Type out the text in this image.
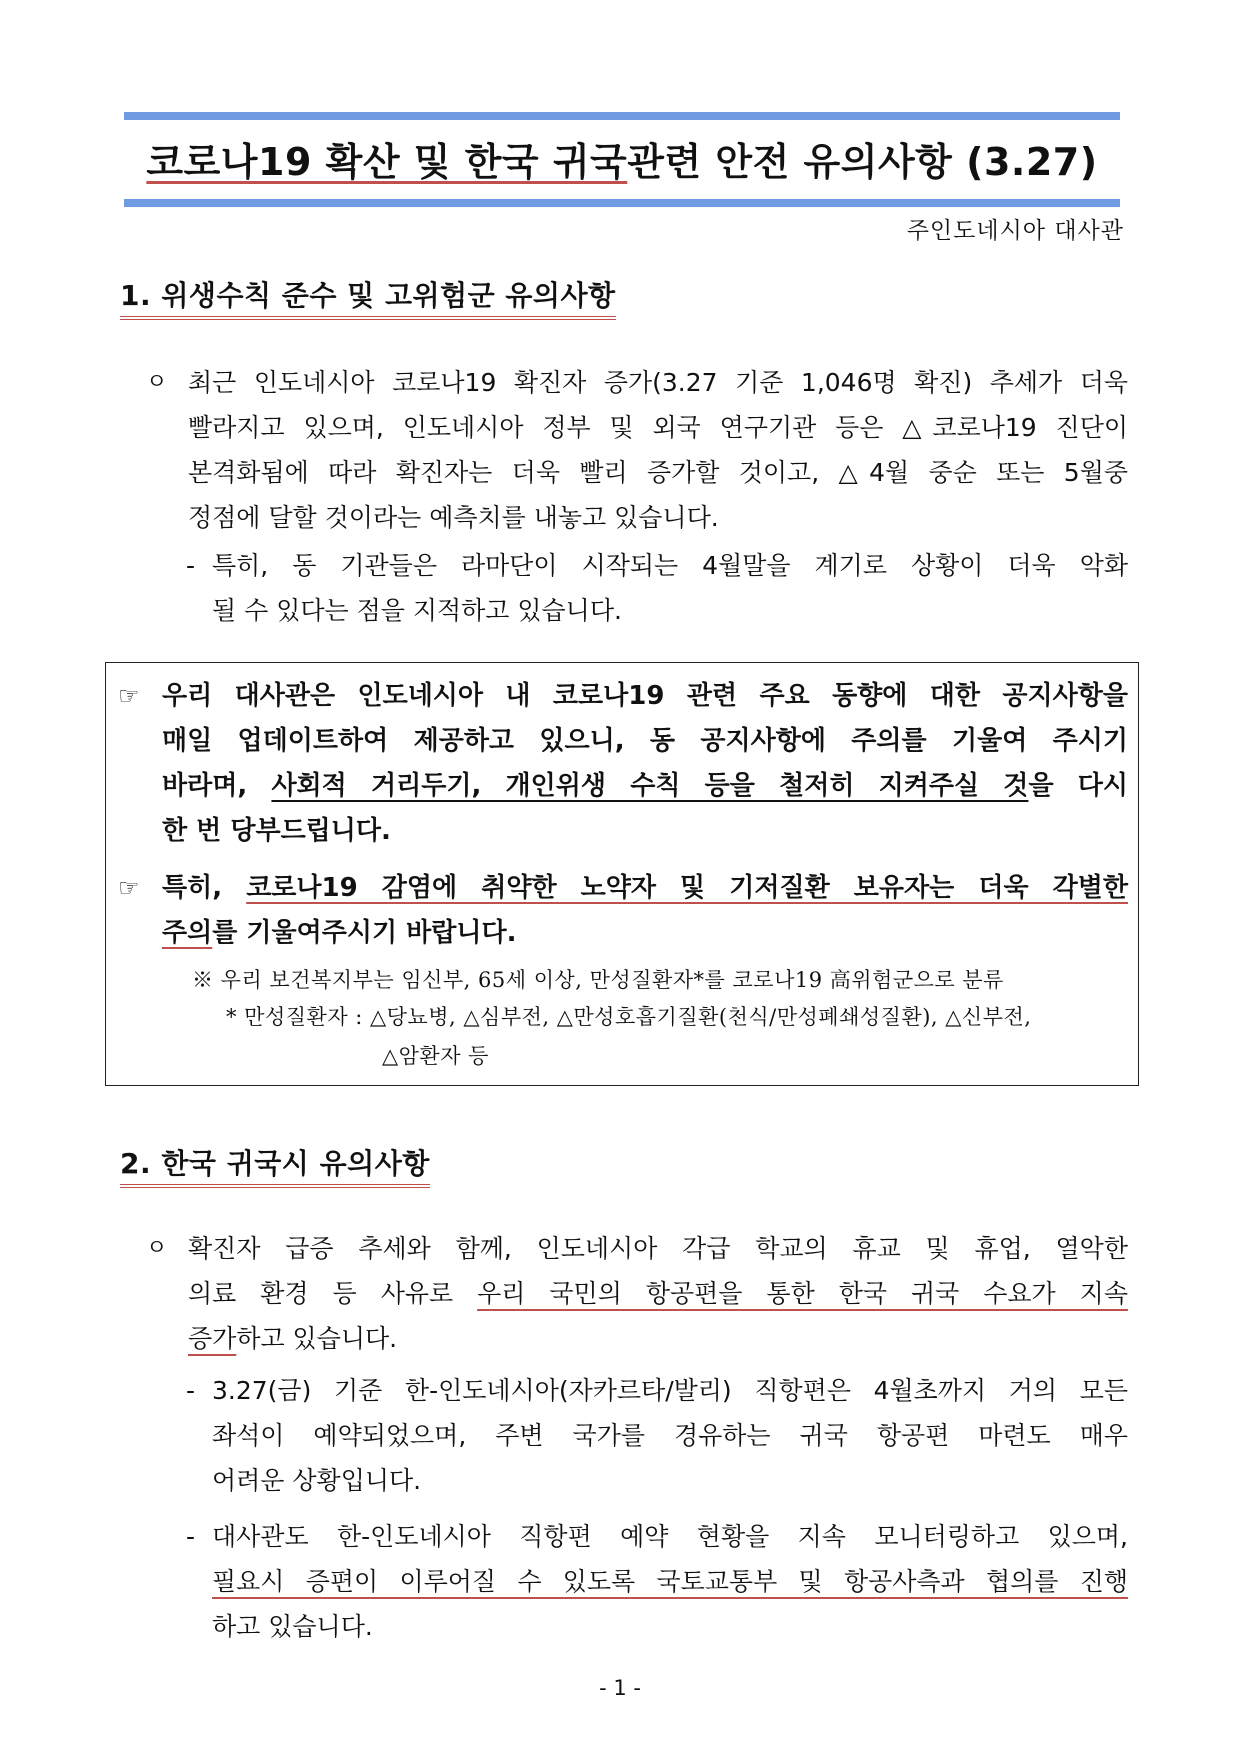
코로나19 확산 및 한국 귀국 관련 안전 유의사항 (3.27)
주인도네시아 대사관
1. 위생수칙 준수 및 고위험군 유의사항
ㅇ 최근 인도네시아 코로나19 확진자 증가(3.27 기준 1,046명 확진) 추세가 더욱
빨라지고 있으며, 인도네시아 정부 및 외국 연구기관 등은 △코로나19 진단이
본격화됨에 따라 확진자는 더욱 빨리 증가할 것이고, △4월 중순 또는 5월중
정점에 달할 것이라는 예측치를 내놓고 있습니다.
- 특히, 동 기관들은 라마단이 시작되는 4월말을 계기로 상황이 더욱 악화
될 수 있다는 점을 지적하고 있습니다.
☞ 우리 대사관은 인도네시아 내 코로나19 관련 주요 동향에 대한 공지사항을
매일 업데이트하여 제공하고 있으니, 동 공지사항에 주의를 기울여 주시기
바라며, 사회적 거리두기, 개인위생 수칙 등을 철저히 지켜주실 것을 다시
한 번 당부드립니다.
☞ 특히, 코로나19 감염에 취약한 노약자 및 기저질환 보유자는 더욱 각별한
주의를 기울여주시기 바랍니다.
※ 우리 보건복지부는 임신부, 65세 이상, 만성질환자*를 코로나19 高위험군으로 분류
* 만성질환자 : △당뇨병, △심부전, △만성호흡기질환(천식/만성폐쇄성질환), △신부전,
△암환자 등
2. 한국 귀국시 유의사항
ㅇ 확진자 급증 추세와 함께, 인도네시아 각급 학교의 휴교 및 휴업, 열악한
의료 환경 등 사유로 우리 국민의 항공편을 통한 한국 귀국 수요가 지속
증가하고 있습니다.
- 3.27(금) 기준 한-인도네시아(자카르타/발리) 직항편은 4월초까지 거의 모든
좌석이 예약되었으며, 주변 국가를 경유하는 귀국 항공편 마련도 매우
어려운 상황입니다.
- 대사관도 한-인도네시아 직항편 예약 현황을 지속 모니터링하고 있으며,
필요시 증편이 이루어질 수 있도록 국토교통부 및 항공사측과 협의를 진행
하고 있습니다.
- 1 -
